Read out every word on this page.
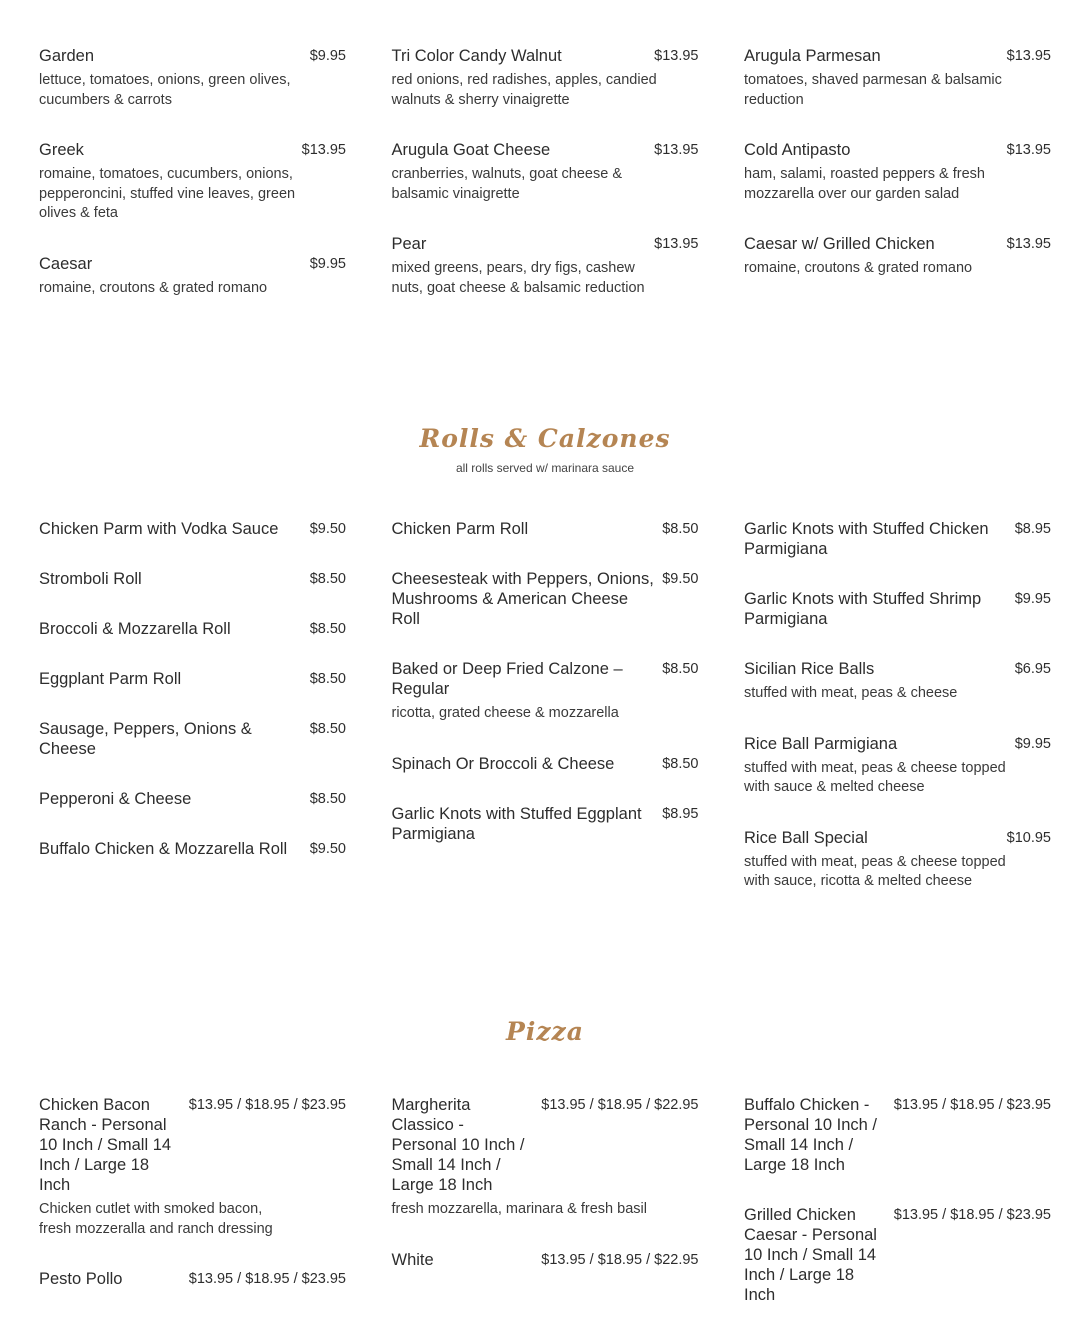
Garden	$9.95
lettuce, tomatoes, onions, green olives, cucumbers & carrots
Greek	$13.95
romaine, tomatoes, cucumbers, onions, pepperoncini, stuffed vine leaves, green olives & feta
Caesar	$9.95
romaine, croutons & grated romano
Tri Color Candy Walnut	$13.95
red onions, red radishes, apples, candied walnuts & sherry vinaigrette
Arugula Goat Cheese	$13.95
cranberries, walnuts, goat cheese & balsamic vinaigrette
Pear	$13.95
mixed greens, pears, dry figs, cashew nuts, goat cheese & balsamic reduction
Arugula Parmesan	$13.95
tomatoes, shaved parmesan & balsamic reduction
Cold Antipasto	$13.95
ham, salami, roasted peppers & fresh mozzarella over our garden salad
Caesar w/ Grilled Chicken	$13.95
romaine, croutons & grated romano
Rolls & Calzones
all rolls served w/ marinara sauce
Chicken Parm with Vodka Sauce	$9.50
Stromboli Roll	$8.50
Broccoli & Mozzarella Roll	$8.50
Eggplant Parm Roll	$8.50
Sausage, Peppers, Onions & Cheese
$8.50
Pepperoni & Cheese	$8.50
Buffalo Chicken & Mozzarella Roll	$9.50
Chicken Parm Roll	$8.50
Cheesesteak with Peppers, Onions, Mushrooms & American Cheese Roll
$9.50
Baked or Deep Fried Calzone – Regular
$8.50
ricotta, grated cheese & mozzarella
Spinach Or Broccoli & Cheese	$8.50
Garlic Knots with Stuffed Eggplant Parmigiana
$8.95
Garlic Knots with Stuffed Chicken Parmigiana
$8.95
Garlic Knots with Stuffed Shrimp Parmigiana
$9.95
Sicilian Rice Balls	$6.95
stuffed with meat, peas & cheese
Rice Ball Parmigiana	$9.95
stuffed with meat, peas & cheese topped with sauce & melted cheese
Rice Ball Special	$10.95
stuffed with meat, peas & cheese topped with sauce, ricotta & melted cheese
Pizza
Chicken Bacon Ranch - Personal 10 Inch / Small 14 Inch / Large 18 Inch
$13.95 / $18.95 / $23.95
Chicken cutlet with smoked bacon, fresh mozzeralla and ranch dressing
Pesto Pollo	$13.95 / $18.95 / $23.95
Margherita Classico - Personal 10 Inch / Small 14 Inch / Large 18 Inch
$13.95 / $18.95 / $22.95
fresh mozzarella, marinara & fresh basil
White	$13.95 / $18.95 / $22.95
Buffalo Chicken - Personal 10 Inch / Small 14 Inch / Large 18 Inch
$13.95 / $18.95 / $23.95
Grilled Chicken Caesar - Personal 10 Inch / Small 14 Inch / Large 18 Inch
$13.95 / $18.95 / $23.95
